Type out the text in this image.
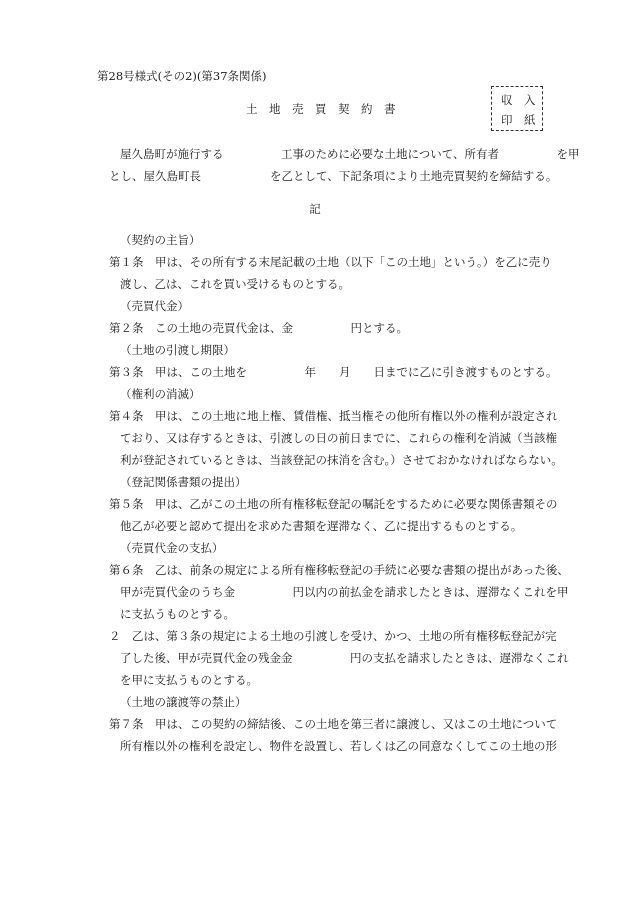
第28号様式(その2)(第37条関係)
土　地　売　買　契　約　書
収　入
印　紙
屋久島町が施行する　　　　　工事のために必要な土地について、所有者　　　　　を甲
とし、屋久島町長　　　　　　を乙として、下記条項により土地売買契約を締結する。
記
（契約の主旨）
第１条　甲は、その所有する末尾記載の土地（以下「この土地」という。）を乙に売り
渡し、乙は、これを買い受けるものとする。
（売買代金）
第２条　この土地の売買代金は、金　　　　　円とする。
（土地の引渡し期限）
第３条　甲は、この土地を　　　　　年　　月　　日までに乙に引き渡すものとする。
（権利の消滅）
第４条　甲は、この土地に地上権、賃借権、抵当権その他所有権以外の権利が設定され
ており、又は存するときは、引渡しの日の前日までに、これらの権利を消滅（当該権
利が登記されているときは、当該登記の抹消を含む。）させておかなければならない。
（登記関係書類の提出）
第５条　甲は、乙がこの土地の所有権移転登記の嘱託をするために必要な関係書類その
他乙が必要と認めて提出を求めた書類を遅滞なく、乙に提出するものとする。
（売買代金の支払）
第６条　乙は、前条の規定による所有権移転登記の手続に必要な書類の提出があった後、
甲が売買代金のうち金　　　　　円以内の前払金を請求したときは、遅滞なくこれを甲
に支払うものとする。
２　乙は、第３条の規定による土地の引渡しを受け、かつ、土地の所有権移転登記が完
了した後、甲が売買代金の残金金　　　　　円の支払を請求したときは、遅滞なくこれ
を甲に支払うものとする。
（土地の譲渡等の禁止）
第７条　甲は、この契約の締結後、この土地を第三者に譲渡し、又はこの土地について
所有権以外の権利を設定し、物件を設置し、若しくは乙の同意なくしてこの土地の形
